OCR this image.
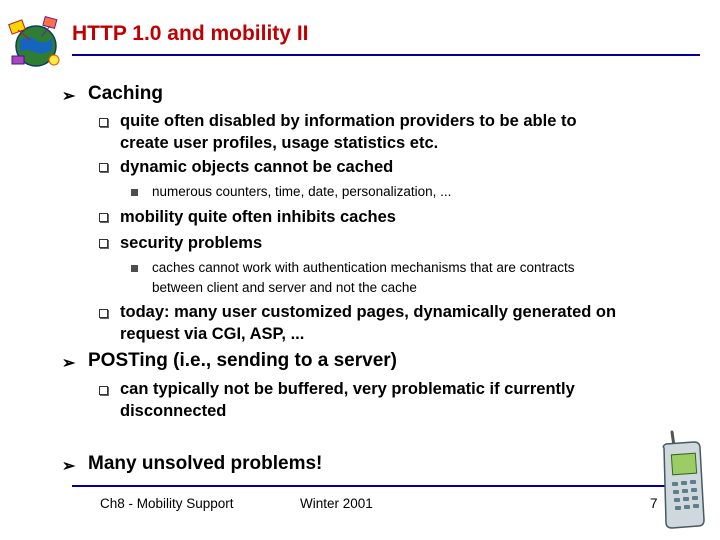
HTTP 1.0 and mobility II
➢ Caching
quite often disabled by information providers to be able to
create user profiles, usage statistics etc.
dynamic objects cannot be cached
numerous counters, time, date, personalization, ...
mobility quite often inhibits caches
security problems
caches cannot work with authentication mechanisms that are contracts
between client and server and not the cache
today: many user customized pages, dynamically generated on
request via CGI, ASP, ...
➢ POSTing (i.e., sending to a server)
can typically not be buffered, very problematic if currently
disconnected
➢ Many unsolved problems!
Ch8 - Mobility Support	Winter 2001	7
